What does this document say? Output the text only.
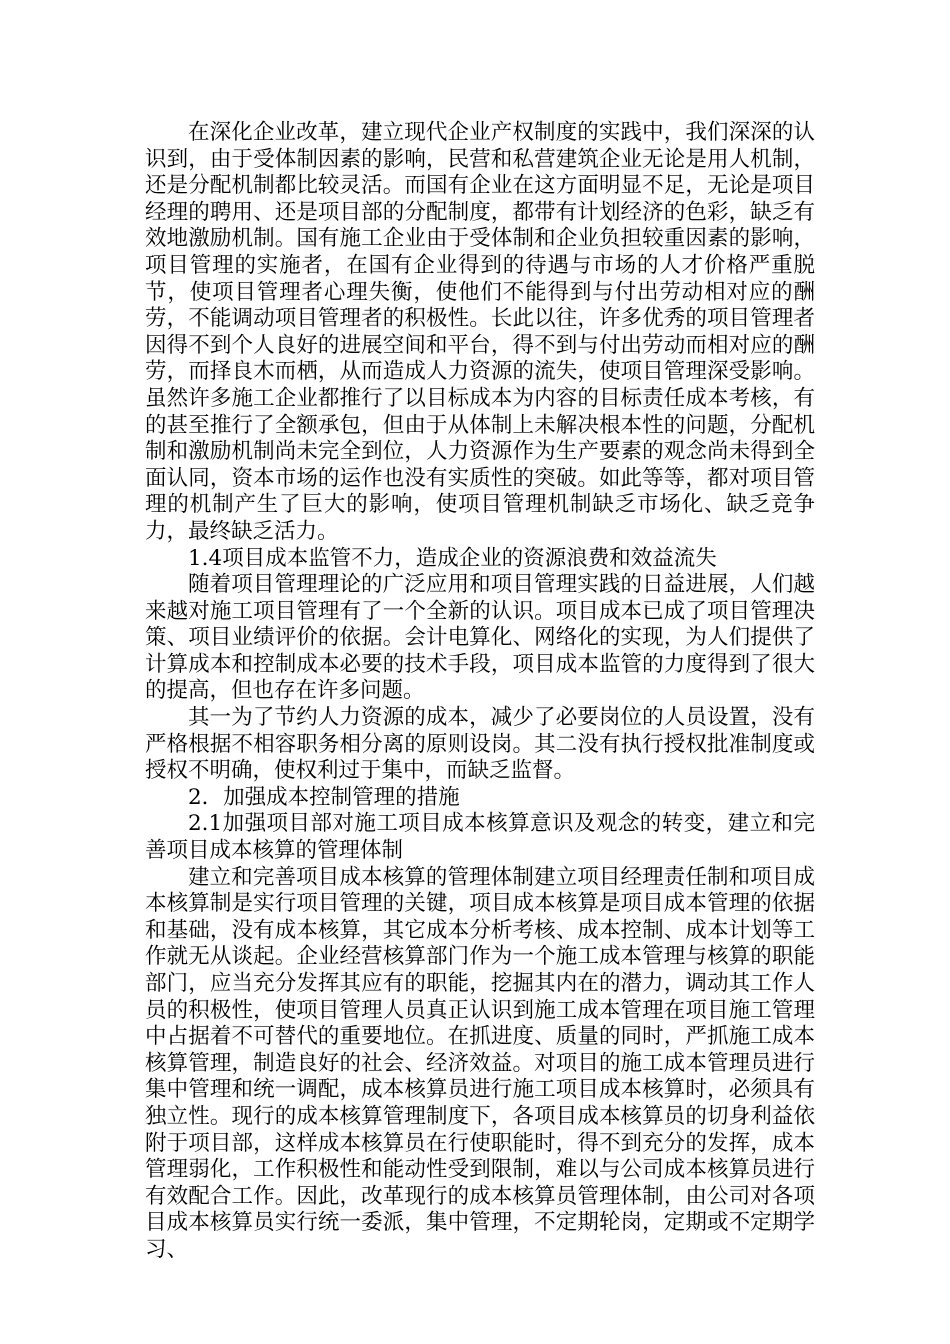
在深化企业改革，建立现代企业产权制度的实践中，我们深深的认识到，由于受体制因素的影响，民营和私营建筑企业无论是用人机制，还是分配机制都比较灵活。而国有企业在这方面明显不足，无论是项目经理的聘用、还是项目部的分配制度，都带有计划经济的色彩，缺乏有效地激励机制。国有施工企业由于受体制和企业负担较重因素的影响，项目管理的实施者，在国有企业得到的待遇与市场的人才价格严重脱节，使项目管理者心理失衡，使他们不能得到与付出劳动相对应的酬劳，不能调动项目管理者的积极性。长此以往，许多优秀的项目管理者因得不到个人良好的进展空间和平台，得不到与付出劳动而相对应的酬劳，而择良木而栖，从而造成人力资源的流失，使项目管理深受影响。虽然许多施工企业都推行了以目标成本为内容的目标责任成本考核，有的甚至推行了全额承包，但由于从体制上未解决根本性的问题，分配机制和激励机制尚未完全到位，人力资源作为生产要素的观念尚未得到全面认同，资本市场的运作也没有实质性的突破。如此等等，都对项目管理的机制产生了巨大的影响，使项目管理机制缺乏市场化、缺乏竞争力，最终缺乏活力。

1.4项目成本监管不力，造成企业的资源浪费和效益流失

随着项目管理理论的广泛应用和项目管理实践的日益进展，人们越来越对施工项目管理有了一个全新的认识。项目成本已成了项目管理决策、项目业绩评价的依据。会计电算化、网络化的实现，为人们提供了计算成本和控制成本必要的技术手段，项目成本监管的力度得到了很大的提高，但也存在许多问题。

其一为了节约人力资源的成本，减少了必要岗位的人员设置，没有严格根据不相容职务相分离的原则设岗。其二没有执行授权批准制度或授权不明确，使权利过于集中，而缺乏监督。

2．加强成本控制管理的措施

2.1加强项目部对施工项目成本核算意识及观念的转变，建立和完善项目成本核算的管理体制

建立和完善项目成本核算的管理体制建立项目经理责任制和项目成本核算制是实行项目管理的关键，项目成本核算是项目成本管理的依据和基础，没有成本核算，其它成本分析考核、成本控制、成本计划等工作就无从谈起。企业经营核算部门作为一个施工成本管理与核算的职能部门，应当充分发挥其应有的职能，挖掘其内在的潜力，调动其工作人员的积极性，使项目管理人员真正认识到施工成本管理在项目施工管理中占据着不可替代的重要地位。在抓进度、质量的同时，严抓施工成本核算管理，制造良好的社会、经济效益。对项目的施工成本管理员进行集中管理和统一调配，成本核算员进行施工项目成本核算时，必须具有独立性。现行的成本核算管理制度下，各项目成本核算员的切身利益依附于项目部，这样成本核算员在行使职能时，得不到充分的发挥，成本管理弱化，工作积极性和能动性受到限制，难以与公司成本核算员进行有效配合工作。因此，改革现行的成本核算员管理体制，由公司对各项目成本核算员实行统一委派，集中管理，不定期轮岗，定期或不定期学习、
